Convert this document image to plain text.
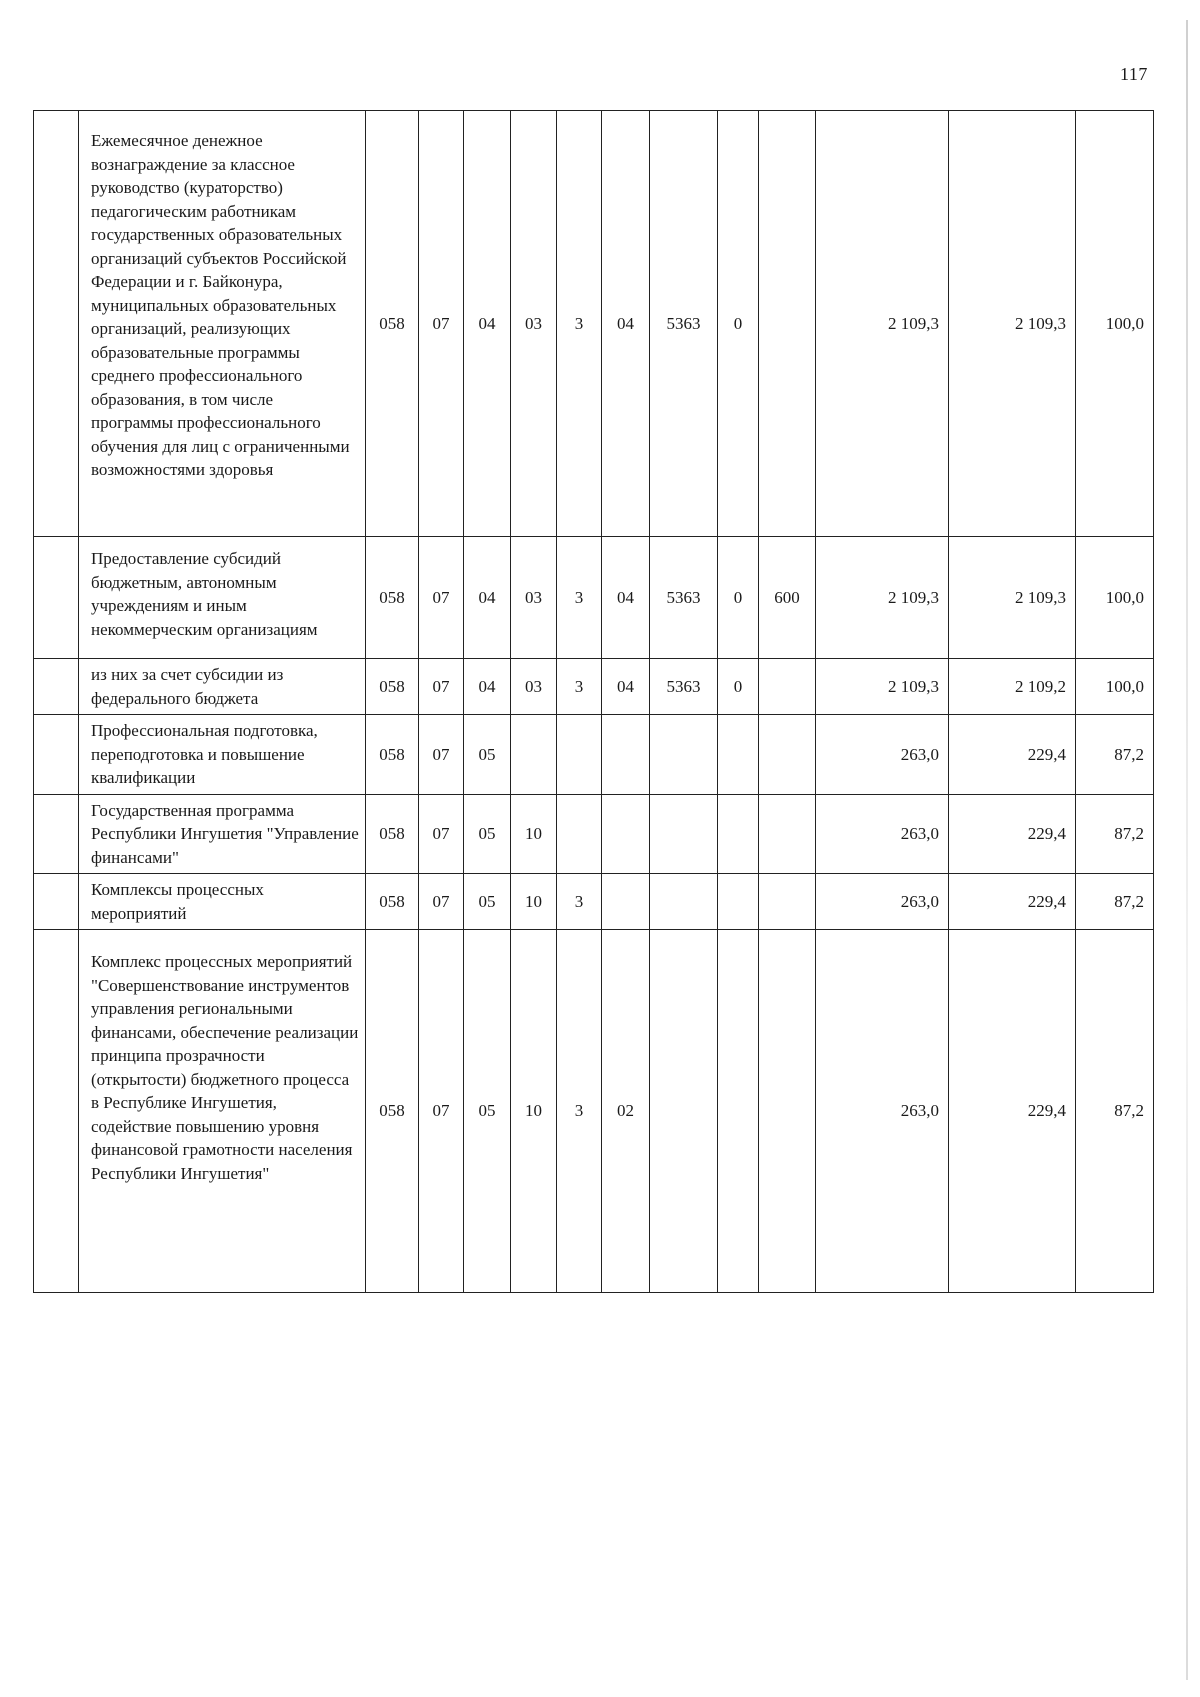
117
	Ежемесячное денежное вознаграждение за классное руководство (кураторство) педагогическим работникам государственных образовательных организаций субъектов Российской Федерации и г. Байконура, муниципальных образовательных организаций, реализующих образовательные программы среднего профессионального образования, в том числе программы профессионального обучения для лиц с ограниченными возможностями здоровья	058	07	04	03	3	04	5363	0		2 109,3	2 109,3	100,0
	Предоставление субсидий бюджетным, автономным учреждениям и иным некоммерческим организациям	058	07	04	03	3	04	5363	0	600	2 109,3	2 109,3	100,0
	из них за счет субсидии из федерального бюджета	058	07	04	03	3	04	5363	0		2 109,3	2 109,2	100,0
	Профессиональная подготовка, переподготовка и повышение квалификации	058	07	05							263,0	229,4	87,2
	Государственная программа Республики Ингушетия "Управление финансами"	058	07	05	10						263,0	229,4	87,2
	Комплексы процессных мероприятий	058	07	05	10	3					263,0	229,4	87,2
	Комплекс процессных мероприятий "Совершенствование инструментов управления региональными финансами, обеспечение реализации принципа прозрачности (открытости) бюджетного процесса в Республике Ингушетия, содействие повышению уровня финансовой грамотности населения Республики Ингушетия"	058	07	05	10	3	02				263,0	229,4	87,2
